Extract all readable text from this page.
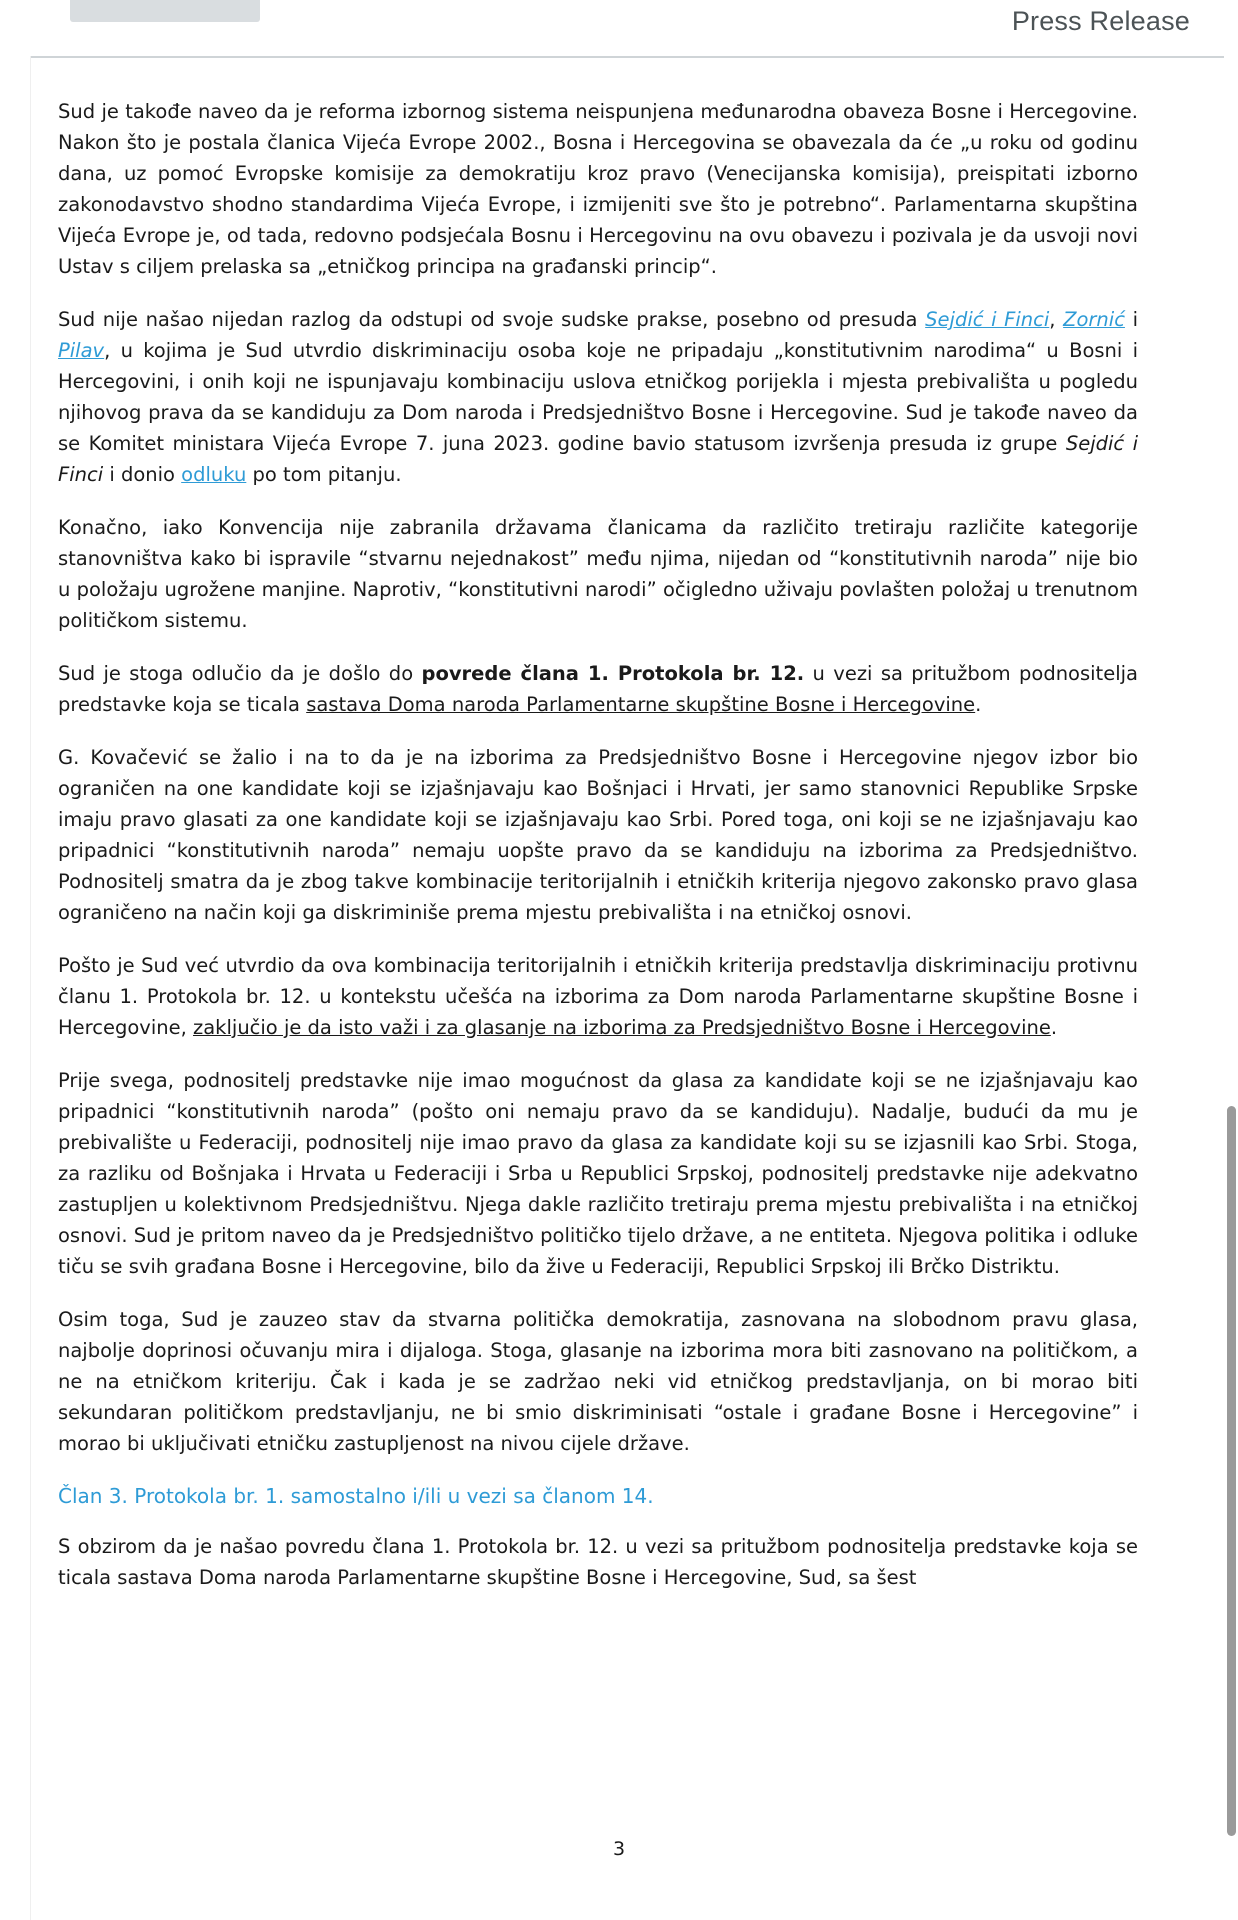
Press Release

Sud je takođe naveo da je reforma izbornog sistema neispunjena međunarodna obaveza Bosne i Hercegovine. Nakon što je postala članica Vijeća Evrope 2002., Bosna i Hercegovina se obavezala da će „u roku od godinu dana, uz pomoć Evropske komisije za demokratiju kroz pravo (Venecijanska komisija), preispitati izborno zakonodavstvo shodno standardima Vijeća Evrope, i izmijeniti sve što je potrebno“. Parlamentarna skupština Vijeća Evrope je, od tada, redovno podsjećala Bosnu i Hercegovinu na ovu obavezu i pozivala je da usvoji novi Ustav s ciljem prelaska sa „etničkog principa na građanski princip“.

Sud nije našao nijedan razlog da odstupi od svoje sudske prakse, posebno od presuda Sejdić i Finci, Zornić i Pilav, u kojima je Sud utvrdio diskriminaciju osoba koje ne pripadaju „konstitutivnim narodima“ u Bosni i Hercegovini, i onih koji ne ispunjavaju kombinaciju uslova etničkog porijekla i mjesta prebivališta u pogledu njihovog prava da se kandiduju za Dom naroda i Predsjedništvo Bosne i Hercegovine. Sud je takođe naveo da se Komitet ministara Vijeća Evrope 7. juna 2023. godine bavio statusom izvršenja presuda iz grupe Sejdić i Finci i donio odluku po tom pitanju.

Konačno, iako Konvencija nije zabranila državama članicama da različito tretiraju različite kategorije stanovništva kako bi ispravile “stvarnu nejednakost” među njima, nijedan od “konstitutivnih naroda” nije bio u položaju ugrožene manjine. Naprotiv, “konstitutivni narodi” očigledno uživaju povlašten položaj u trenutnom političkom sistemu.

Sud je stoga odlučio da je došlo do povrede člana 1. Protokola br. 12. u vezi sa pritužbom podnositelja predstavke koja se ticala sastava Doma naroda Parlamentarne skupštine Bosne i Hercegovine.

G. Kovačević se žalio i na to da je na izborima za Predsjedništvo Bosne i Hercegovine njegov izbor bio ograničen na one kandidate koji se izjašnjavaju kao Bošnjaci i Hrvati, jer samo stanovnici Republike Srpske imaju pravo glasati za one kandidate koji se izjašnjavaju kao Srbi. Pored toga, oni koji se ne izjašnjavaju kao pripadnici “konstitutivnih naroda” nemaju uopšte pravo da se kandiduju na izborima za Predsjedništvo. Podnositelj smatra da je zbog takve kombinacije teritorijalnih i etničkih kriterija njegovo zakonsko pravo glasa ograničeno na način koji ga diskriminiše prema mjestu prebivališta i na etničkoj osnovi.

Pošto je Sud već utvrdio da ova kombinacija teritorijalnih i etničkih kriterija predstavlja diskriminaciju protivnu članu 1. Protokola br. 12. u kontekstu učešća na izborima za Dom naroda Parlamentarne skupštine Bosne i Hercegovine, zaključio je da isto važi i za glasanje na izborima za Predsjedništvo Bosne i Hercegovine.

Prije svega, podnositelj predstavke nije imao mogućnost da glasa za kandidate koji se ne izjašnjavaju kao pripadnici “konstitutivnih naroda” (pošto oni nemaju pravo da se kandiduju). Nadalje, budući da mu je prebivalište u Federaciji, podnositelj nije imao pravo da glasa za kandidate koji su se izjasnili kao Srbi. Stoga, za razliku od Bošnjaka i Hrvata u Federaciji i Srba u Republici Srpskoj, podnositelj predstavke nije adekvatno zastupljen u kolektivnom Predsjedništvu. Njega dakle različito tretiraju prema mjestu prebivališta i na etničkoj osnovi. Sud je pritom naveo da je Predsjedništvo političko tijelo države, a ne entiteta. Njegova politika i odluke tiču se svih građana Bosne i Hercegovine, bilo da žive u Federaciji, Republici Srpskoj ili Brčko Distriktu.

Osim toga, Sud je zauzeo stav da stvarna politička demokratija, zasnovana na slobodnom pravu glasa, najbolje doprinosi očuvanju mira i dijaloga. Stoga, glasanje na izborima mora biti zasnovano na političkom, a ne na etničkom kriteriju. Čak i kada je se zadržao neki vid etničkog predstavljanja, on bi morao biti sekundaran političkom predstavljanju, ne bi smio diskriminisati “ostale i građane Bosne i Hercegovine” i morao bi uključivati etničku zastupljenost na nivou cijele države.

Član 3. Protokola br. 1. samostalno i/ili u vezi sa članom 14.

S obzirom da je našao povredu člana 1. Protokola br. 12. u vezi sa pritužbom podnositelja predstavke koja se ticala sastava Doma naroda Parlamentarne skupštine Bosne i Hercegovine, Sud, sa šest

3
